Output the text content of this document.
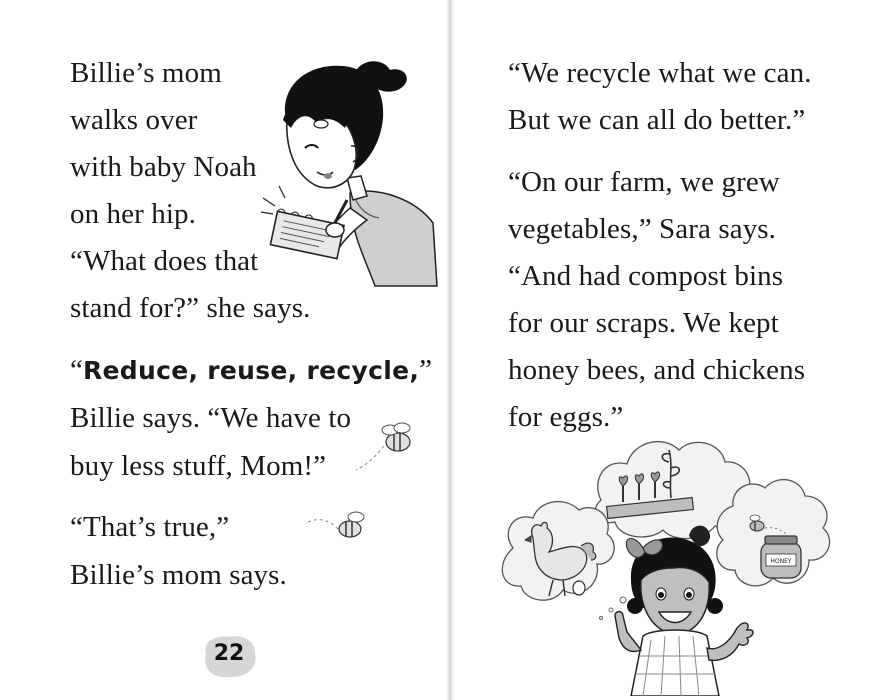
Billie’s mom
walks over
with baby Noah
on her hip.
“What does that
stand for?” she says.
“Reduce, reuse, recycle,”
Billie says. “We have to
buy less stuff, Mom!”
“That’s true,”
Billie’s mom says.
22
“We recycle what we can.
But we can all do better.”
“On our farm, we grew
vegetables,” Sara says.
“And had compost bins
for our scraps. We kept
honey bees, and chickens
for eggs.”
HONEY
